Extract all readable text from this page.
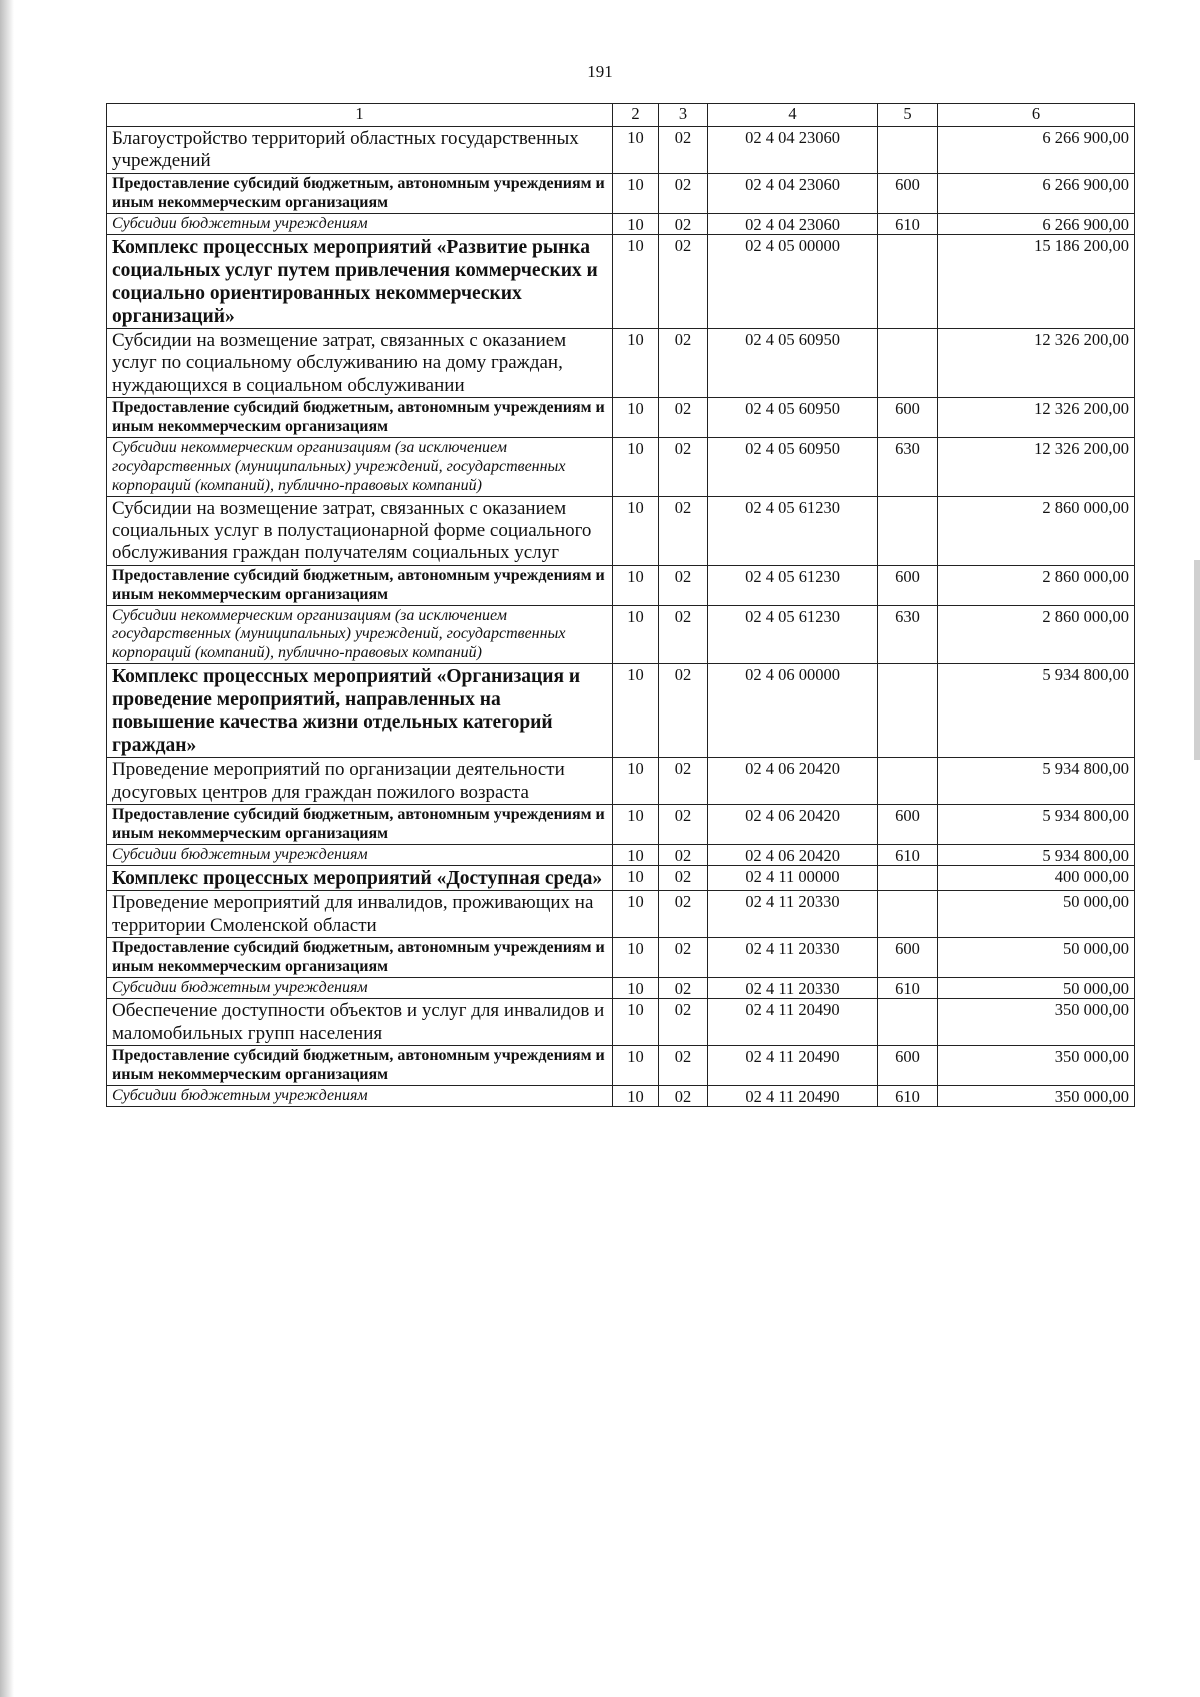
191
1	2	3	4	5	6
Благоустройство территорий областных государственных учреждений	10	02	02 4 04 23060		6 266 900,00
Предоставление субсидий бюджетным, автономным учреждениям и иным некоммерческим организациям	10	02	02 4 04 23060	600	6 266 900,00
Субсидии бюджетным учреждениям	10	02	02 4 04 23060	610	6 266 900,00
Комплекс процессных мероприятий «Развитие рынка социальных услуг путем привлечения коммерческих и социально ориентированных некоммерческих организаций»	10	02	02 4 05 00000		15 186 200,00
Субсидии на возмещение затрат, связанных с оказанием услуг по социальному обслуживанию на дому граждан, нуждающихся в социальном обслуживании	10	02	02 4 05 60950		12 326 200,00
Предоставление субсидий бюджетным, автономным учреждениям и иным некоммерческим организациям	10	02	02 4 05 60950	600	12 326 200,00
Субсидии некоммерческим организациям (за исключением государственных (муниципальных) учреждений, государственных корпораций (компаний), публично-правовых компаний)	10	02	02 4 05 60950	630	12 326 200,00
Субсидии на возмещение затрат, связанных с оказанием социальных услуг в полустационарной форме социального обслуживания граждан получателям социальных услуг	10	02	02 4 05 61230		2 860 000,00
Предоставление субсидий бюджетным, автономным учреждениям и иным некоммерческим организациям	10	02	02 4 05 61230	600	2 860 000,00
Субсидии некоммерческим организациям (за исключением государственных (муниципальных) учреждений, государственных корпораций (компаний), публично-правовых компаний)	10	02	02 4 05 61230	630	2 860 000,00
Комплекс процессных мероприятий «Организация и проведение мероприятий, направленных на повышение качества жизни отдельных категорий граждан»	10	02	02 4 06 00000		5 934 800,00
Проведение мероприятий по организации деятельности досуговых центров для граждан пожилого возраста	10	02	02 4 06 20420		5 934 800,00
Предоставление субсидий бюджетным, автономным учреждениям и иным некоммерческим организациям	10	02	02 4 06 20420	600	5 934 800,00
Субсидии бюджетным учреждениям	10	02	02 4 06 20420	610	5 934 800,00
Комплекс процессных мероприятий «Доступная среда»	10	02	02 4 11 00000		400 000,00
Проведение мероприятий для инвалидов, проживающих на территории Смоленской области	10	02	02 4 11 20330		50 000,00
Предоставление субсидий бюджетным, автономным учреждениям и иным некоммерческим организациям	10	02	02 4 11 20330	600	50 000,00
Субсидии бюджетным учреждениям	10	02	02 4 11 20330	610	50 000,00
Обеспечение доступности объектов и услуг для инвалидов и маломобильных групп населения	10	02	02 4 11 20490		350 000,00
Предоставление субсидий бюджетным, автономным учреждениям и иным некоммерческим организациям	10	02	02 4 11 20490	600	350 000,00
Субсидии бюджетным учреждениям	10	02	02 4 11 20490	610	350 000,00
